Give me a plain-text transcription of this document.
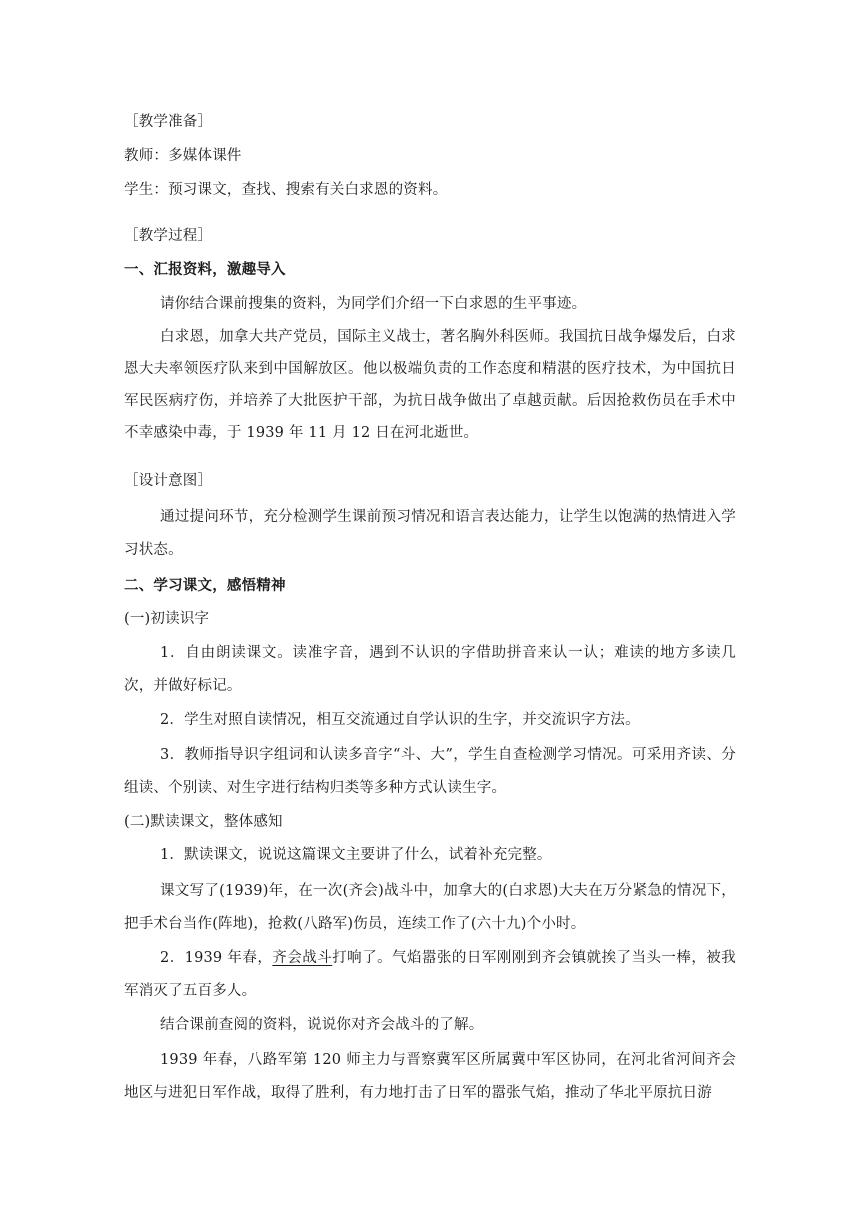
［教学准备］
教师：多媒体课件
学生：预习课文，查找、搜索有关白求恩的资料。
［教学过程］
一、汇报资料，激趣导入
请你结合课前搜集的资料，为同学们介绍一下白求恩的生平事迹。
白求恩，加拿大共产党员，国际主义战士，著名胸外科医师。我国抗日战争爆发后，白求恩大夫率领医疗队来到中国解放区。他以极端负责的工作态度和精湛的医疗技术，为中国抗日军民医病疗伤，并培养了大批医护干部，为抗日战争做出了卓越贡献。后因抢救伤员在手术中不幸感染中毒，于 1939 年 11 月 12 日在河北逝世。
［设计意图］
通过提问环节，充分检测学生课前预习情况和语言表达能力，让学生以饱满的热情进入学习状态。
二、学习课文，感悟精神
(一)初读识字
1．自由朗读课文。读准字音，遇到不认识的字借助拼音来认一认；难读的地方多读几次，并做好标记。
2．学生对照自读情况，相互交流通过自学认识的生字，并交流识字方法。
3．教师指导识字组词和认读多音字“斗、大”，学生自查检测学习情况。可采用齐读、分组读、个别读、对生字进行结构归类等多种方式认读生字。
(二)默读课文，整体感知
1．默读课文，说说这篇课文主要讲了什么，试着补充完整。
课文写了(1939)年，在一次(齐会)战斗中，加拿大的(白求恩)大夫在万分紧急的情况下，把手术台当作(阵地)，抢救(八路军)伤员，连续工作了(六十九)个小时。
2．1939 年春，齐会战斗打响了。气焰嚣张的日军刚刚到齐会镇就挨了当头一棒，被我军消灭了五百多人。
结合课前查阅的资料，说说你对齐会战斗的了解。
1939 年春，八路军第 120 师主力与晋察冀军区所属冀中军区协同，在河北省河间齐会地区与进犯日军作战，取得了胜利，有力地打击了日军的嚣张气焰，推动了华北平原抗日游
